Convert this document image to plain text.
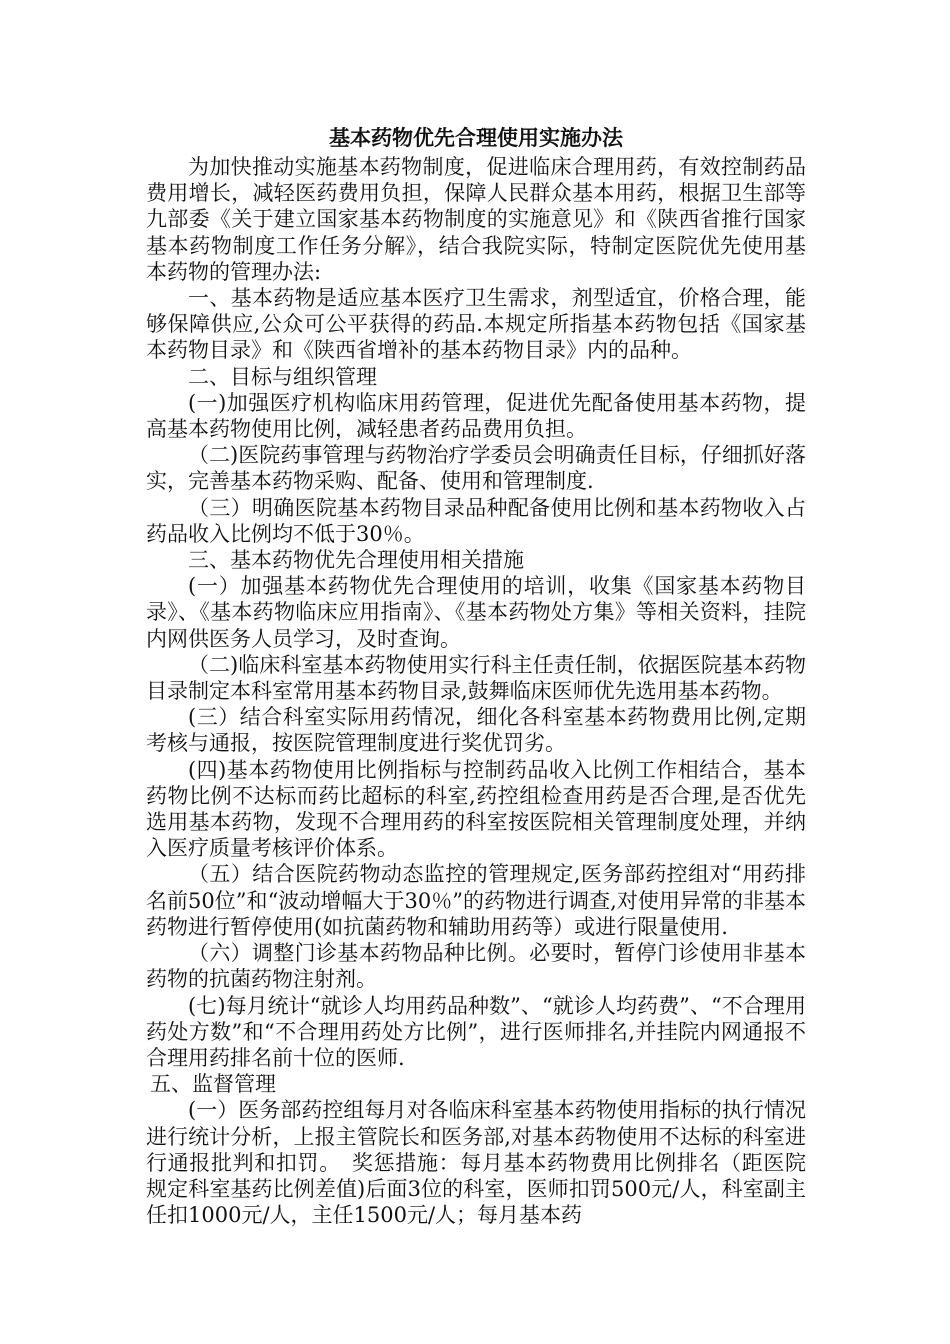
基本药物优先合理使用实施办法

为加快推动实施基本药物制度，促进临床合理用药，有效控制药品费用增长，减轻医药费用负担，保障人民群众基本用药，根据卫生部等九部委《关于建立国家基本药物制度的实施意见》和《陕西省推行国家基本药物制度工作任务分解》，结合我院实际，特制定医院优先使用基本药物的管理办法:

一、基本药物是适应基本医疗卫生需求，剂型适宜，价格合理，能够保障供应,公众可公平获得的药品.本规定所指基本药物包括《国家基本药物目录》和《陕西省增补的基本药物目录》内的品种。

二、目标与组织管理

(一)加强医疗机构临床用药管理，促进优先配备使用基本药物，提高基本药物使用比例，减轻患者药品费用负担。

（二)医院药事管理与药物治疗学委员会明确责任目标，仔细抓好落实，完善基本药物采购、配备、使用和管理制度.

（三）明确医院基本药物目录品种配备使用比例和基本药物收入占药品收入比例均不低于30％。

三、基本药物优先合理使用相关措施

(一）加强基本药物优先合理使用的培训，收集《国家基本药物目录》、《基本药物临床应用指南》、《基本药物处方集》等相关资料，挂院内网供医务人员学习，及时查询。

（二)临床科室基本药物使用实行科主任责任制，依据医院基本药物目录制定本科室常用基本药物目录,鼓舞临床医师优先选用基本药物。

(三）结合科室实际用药情况，细化各科室基本药物费用比例,定期考核与通报，按医院管理制度进行奖优罚劣。

(四)基本药物使用比例指标与控制药品收入比例工作相结合，基本药物比例不达标而药比超标的科室,药控组检查用药是否合理,是否优先选用基本药物，发现不合理用药的科室按医院相关管理制度处理，并纳入医疗质量考核评价体系。

（五）结合医院药物动态监控的管理规定,医务部药控组对“用药排名前50位”和“波动增幅大于30％”的药物进行调查,对使用异常的非基本药物进行暂停使用(如抗菌药物和辅助用药等）或进行限量使用.

（六）调整门诊基本药物品种比例。必要时，暂停门诊使用非基本药物的抗菌药物注射剂。

(七)每月统计“就诊人均用药品种数”、“就诊人均药费”、“不合理用药处方数”和“不合理用药处方比例”，进行医师排名,并挂院内网通报不合理用药排名前十位的医师.

五、监督管理

(一）医务部药控组每月对各临床科室基本药物使用指标的执行情况进行统计分析，上报主管院长和医务部,对基本药物使用不达标的科室进行通报批判和扣罚。　奖惩措施：每月基本药物费用比例排名（距医院规定科室基药比例差值)后面3位的科室，医师扣罚500元/人，科室副主任扣1000元/人，主任1500元/人；每月基本药
